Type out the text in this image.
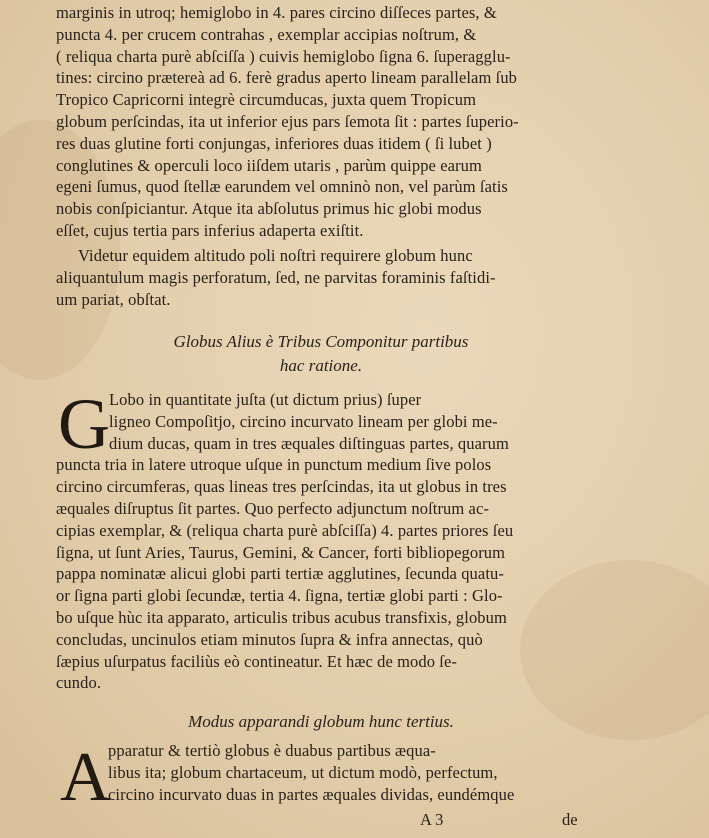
marginis in utroq; hemiglobo in 4. pares circino diſſeces partes, &
puncta 4. per crucem contrahas , exemplar accipias noſtrum, &
( reliqua charta purè abſciſſa ) cuivis hemiglobo ſigna 6. ſuperagglu-
tines: circino prætereà ad 6. ferè gradus aperto lineam parallelam ſub
Tropico Capricorni integrè circumducas, juxta quem Tropicum
globum perſcindas, ita ut inferior ejus pars ſemota ſit : partes ſuperio-
res duas glutine forti conjungas, inferiores duas itidem ( ſi lubet )
conglutines & operculi loco iiſdem utaris , parùm quippe earum
egeni ſumus, quod ſtellæ earundem vel omninò non, vel parùm ſatis
nobis conſpiciantur. Atque ita abſolutus primus hic globi modus
eſſet, cujus tertia pars inferius adaperta exiſtit.
Videtur equidem altitudo poli noſtri requirere globum hunc
aliquantulum magis perforatum, ſed, ne parvitas foraminis faſtidi-
um pariat, obſtat.
Globus Alius è Tribus Componitur partibus
hac ratione.
G Lobo in quantitate juſta (ut dictum prius) ſuper
ligneo Compoſitjo, circino incurvato lineam per globi me-
dium ducas, quam in tres æquales diſtinguas partes, quarum
puncta tria in latere utroque uſque in punctum medium ſive polos
circino circumferas, quas lineas tres perſcindas, ita ut globus in tres
æquales diſruptus ſit partes. Quo perfecto adjunctum noſtrum ac-
cipias exemplar, & (reliqua charta purè abſciſſa) 4. partes priores ſeu
ſigna, ut ſunt Aries, Taurus, Gemini, & Cancer, forti bibliopegorum
pappa nominatæ alicui globi parti tertiæ agglutines, ſecunda quatu-
or ſigna parti globi ſecundæ, tertia 4. ſigna, tertiæ globi parti : Glo-
bo uſque hùc ita apparato, articulis tribus acubus transfixis, globum
concludas, uncinulos etiam minutos ſupra & infra annectas, quò
ſæpius uſurpatus faciliùs eò contineatur. Et hæc de modo ſe-
cundo.
Modus apparandi globum hunc tertius.
A
pparatur & tertiò globus è duabus partibus æqua-
libus ita; globum chartaceum, ut dictum modò, perfectum,
circino incurvato duas in partes æquales dividas, eundémque
A 3	de
